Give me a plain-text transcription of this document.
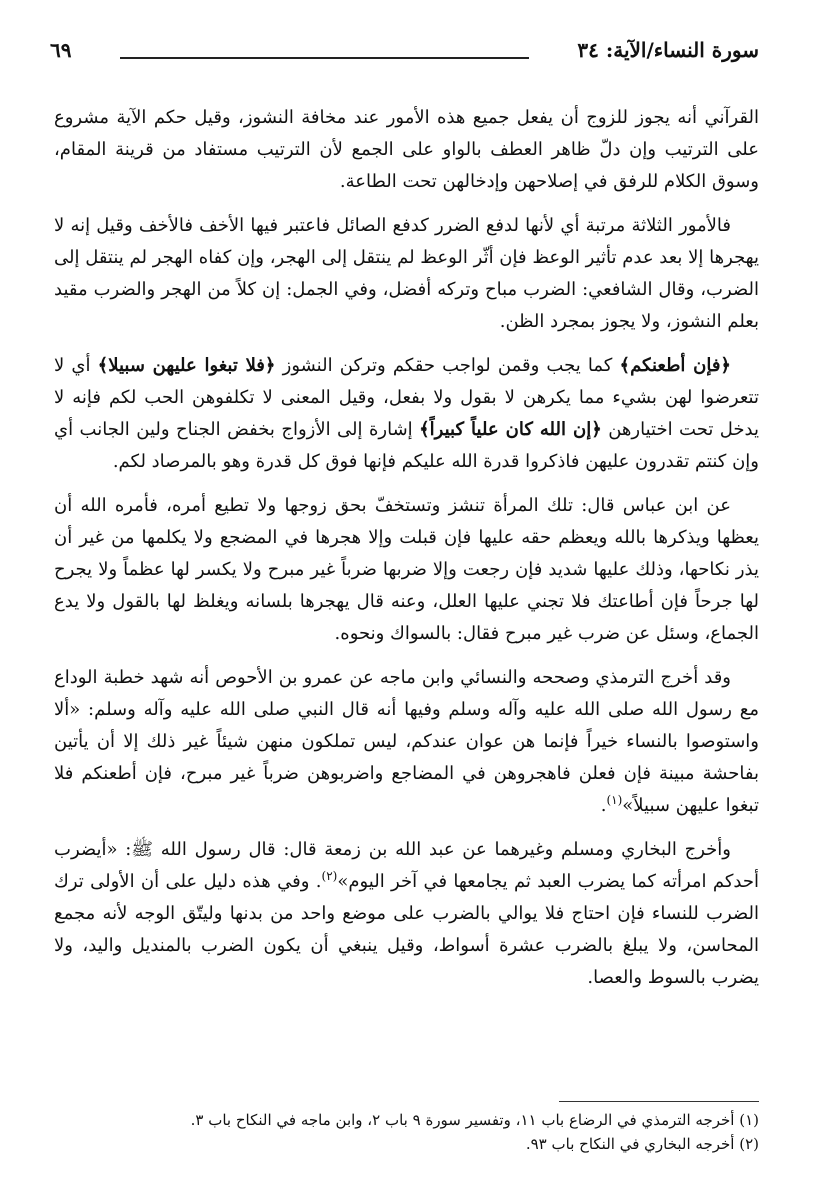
سورة النساء/الآية: ٣٤
٦٩

القرآني أنه يجوز للزوج أن يفعل جميع هذه الأمور عند مخافة النشوز، وقيل حكم الآية مشروع على الترتيب وإن دلّ ظاهر العطف بالواو على الجمع لأن الترتيب مستفاد من قرينة المقام، وسوق الكلام للرفق في إصلاحهن وإدخالهن تحت الطاعة.

فالأمور الثلاثة مرتبة أي لأنها لدفع الضرر كدفع الصائل فاعتبر فيها الأخف فالأخف وقيل إنه لا يهجرها إلا بعد عدم تأثير الوعظ فإن أثّر الوعظ لم ينتقل إلى الهجر، وإن كفاه الهجر لم ينتقل إلى الضرب، وقال الشافعي: الضرب مباح وتركه أفضل، وفي الجمل: إن كلاً من الهجر والضرب مقيد بعلم النشوز، ولا يجوز بمجرد الظن.

﴿فإن أطعنكم﴾ كما يجب وقمن لواجب حقكم وتركن النشوز ﴿فلا تبغوا عليهن سبيلا﴾ أي لا تتعرضوا لهن بشيء مما يكرهن لا بقول ولا بفعل، وقيل المعنى لا تكلفوهن الحب لكم فإنه لا يدخل تحت اختيارهن ﴿إن الله كان علياً كبيراً﴾ إشارة إلى الأزواج بخفض الجناح ولين الجانب أي وإن كنتم تقدرون عليهن فاذكروا قدرة الله عليكم فإنها فوق كل قدرة وهو بالمرصاد لكم.

عن ابن عباس قال: تلك المرأة تنشز وتستخفّ بحق زوجها ولا تطيع أمره، فأمره الله أن يعظها ويذكرها بالله ويعظم حقه عليها فإن قبلت وإلا هجرها في المضجع ولا يكلمها من غير أن يذر نكاحها، وذلك عليها شديد فإن رجعت وإلا ضربها ضرباً غير مبرح ولا يكسر لها عظماً ولا يجرح لها جرحاً فإن أطاعتك فلا تجني عليها العلل، وعنه قال يهجرها بلسانه ويغلظ لها بالقول ولا يدع الجماع، وسئل عن ضرب غير مبرح فقال: بالسواك ونحوه.

وقد أخرج الترمذي وصححه والنسائي وابن ماجه عن عمرو بن الأحوص أنه شهد خطبة الوداع مع رسول الله صلى الله عليه وآله وسلم وفيها أنه قال النبي صلى الله عليه وآله وسلم: «ألا واستوصوا بالنساء خيراً فإنما هن عوان عندكم، ليس تملكون منهن شيئاً غير ذلك إلا أن يأتين بفاحشة مبينة فإن فعلن فاهجروهن في المضاجع واضربوهن ضرباً غير مبرح، فإن أطعنكم فلا تبغوا عليهن سبيلاً»$^{(١)}$.

وأخرج البخاري ومسلم وغيرهما عن عبد الله بن زمعة قال: قال رسول الله ﷺ: «أيضرب أحدكم امرأته كما يضرب العبد ثم يجامعها في آخر اليوم»$^{(٢)}$. وفي هذه دليل على أن الأولى ترك الضرب للنساء فإن احتاج فلا يوالي بالضرب على موضع واحد من بدنها وليتّق الوجه لأنه مجمع المحاسن، ولا يبلغ بالضرب عشرة أسواط، وقيل ينبغي أن يكون الضرب بالمنديل واليد، ولا يضرب بالسوط والعصا.

(١) أخرجه الترمذي في الرضاع باب ١١، وتفسير سورة ٩ باب ٢، وابن ماجه في النكاح باب ٣.

(٢) أخرجه البخاري في النكاح باب ٩٣.
